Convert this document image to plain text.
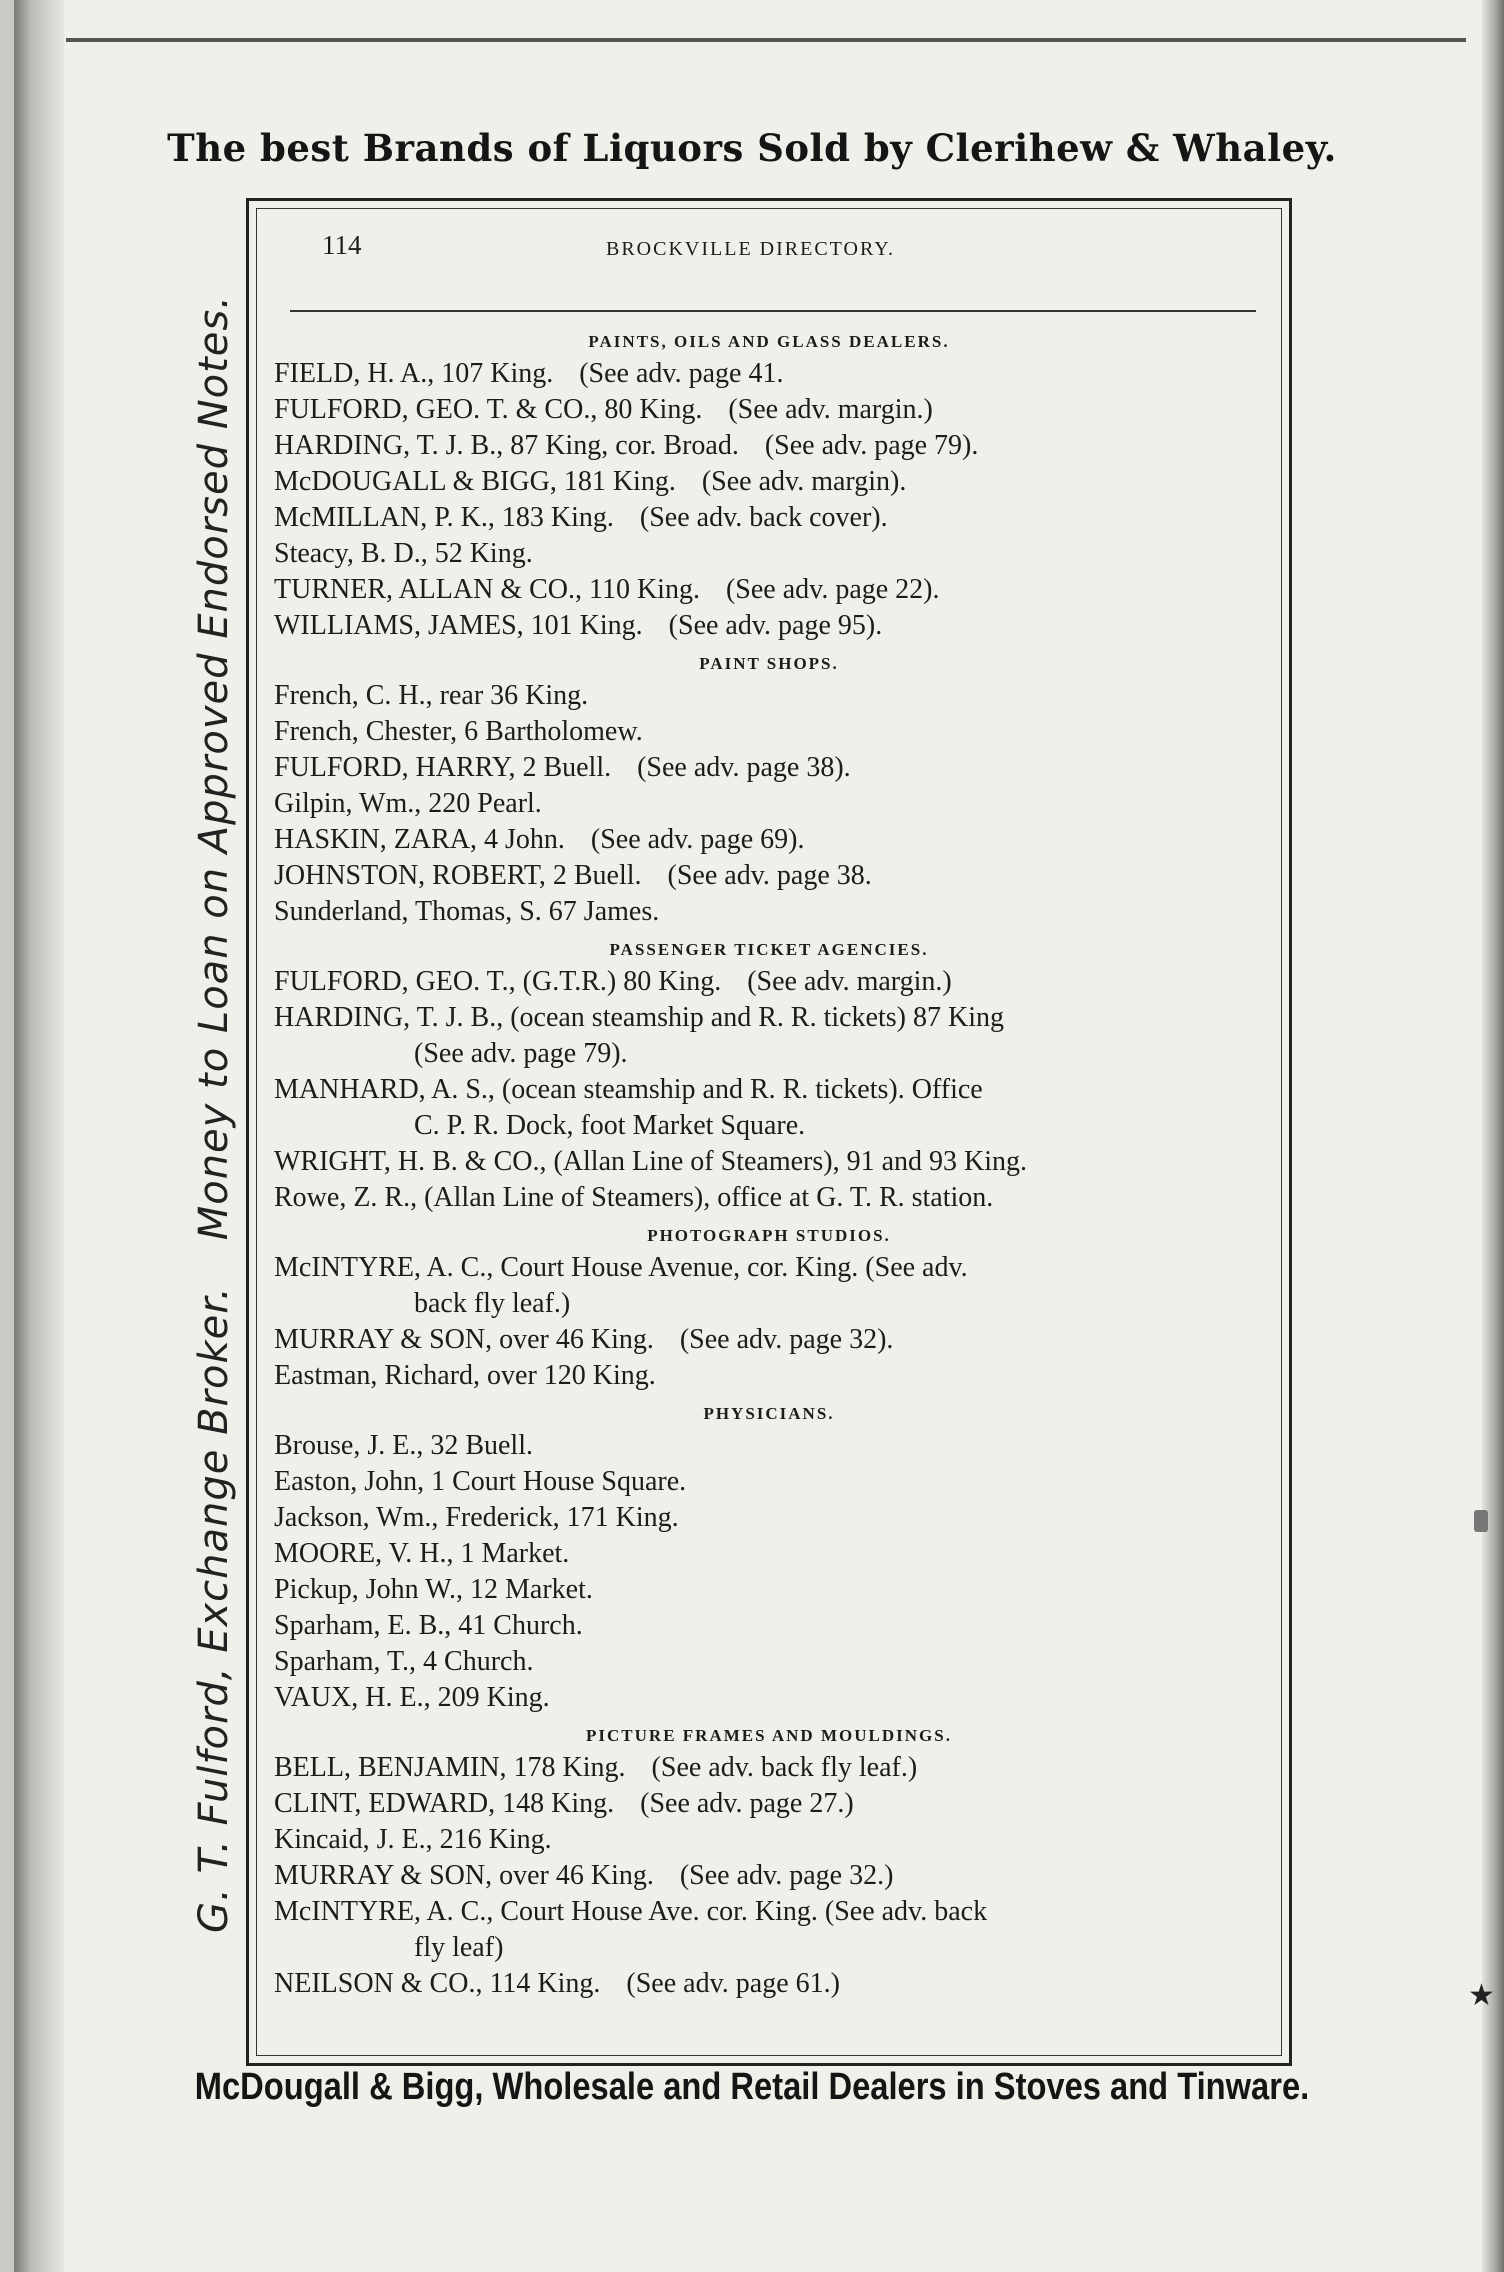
The best Brands of Liquors Sold by Clerihew & Whaley.
G. T. Fulford, Exchange Broker.Money to Loan on Approved Endorsed Notes.
114	BROCKVILLE DIRECTORY.
PAINTS, OILS AND GLASS DEALERS.
FIELD, H. A., 107 King. (See adv. page 41.
FULFORD, GEO. T. & CO., 80 King. (See adv. margin.)
HARDING, T. J. B., 87 King, cor. Broad. (See adv. page 79).
McDOUGALL & BIGG, 181 King. (See adv. margin).
McMILLAN, P. K., 183 King. (See adv. back cover).
Steacy, B. D., 52 King.
TURNER, ALLAN & CO., 110 King. (See adv. page 22).
WILLIAMS, JAMES, 101 King. (See adv. page 95).
PAINT SHOPS.
French, C. H., rear 36 King.
French, Chester, 6 Bartholomew.
FULFORD, HARRY, 2 Buell. (See adv. page 38).
Gilpin, Wm., 220 Pearl.
HASKIN, ZARA, 4 John. (See adv. page 69).
JOHNSTON, ROBERT, 2 Buell. (See adv. page 38.
Sunderland, Thomas, S. 67 James.
PASSENGER TICKET AGENCIES.
FULFORD, GEO. T., (G.T.R.) 80 King. (See adv. margin.)
HARDING, T. J. B., (ocean steamship and R. R. tickets) 87 King
(See adv. page 79).
MANHARD, A. S., (ocean steamship and R. R. tickets). Office
C. P. R. Dock, foot Market Square.
WRIGHT, H. B. & CO., (Allan Line of Steamers), 91 and 93 King.
Rowe, Z. R., (Allan Line of Steamers), office at G. T. R. station.
PHOTOGRAPH STUDIOS.
McINTYRE, A. C., Court House Avenue, cor. King. (See adv.
back fly leaf.)
MURRAY & SON, over 46 King. (See adv. page 32).
Eastman, Richard, over 120 King.
PHYSICIANS.
Brouse, J. E., 32 Buell.
Easton, John, 1 Court House Square.
Jackson, Wm., Frederick, 171 King.
MOORE, V. H., 1 Market.
Pickup, John W., 12 Market.
Sparham, E. B., 41 Church.
Sparham, T., 4 Church.
VAUX, H. E., 209 King.
PICTURE FRAMES AND MOULDINGS.
BELL, BENJAMIN, 178 King. (See adv. back fly leaf.)
CLINT, EDWARD, 148 King. (See adv. page 27.)
Kincaid, J. E., 216 King.
MURRAY & SON, over 46 King. (See adv. page 32.)
McINTYRE, A. C., Court House Ave. cor. King. (See adv. back
fly leaf)
NEILSON & CO., 114 King. (See adv. page 61.)
McDougall & Bigg, Wholesale and Retail Dealers in Stoves and Tinware.
★
